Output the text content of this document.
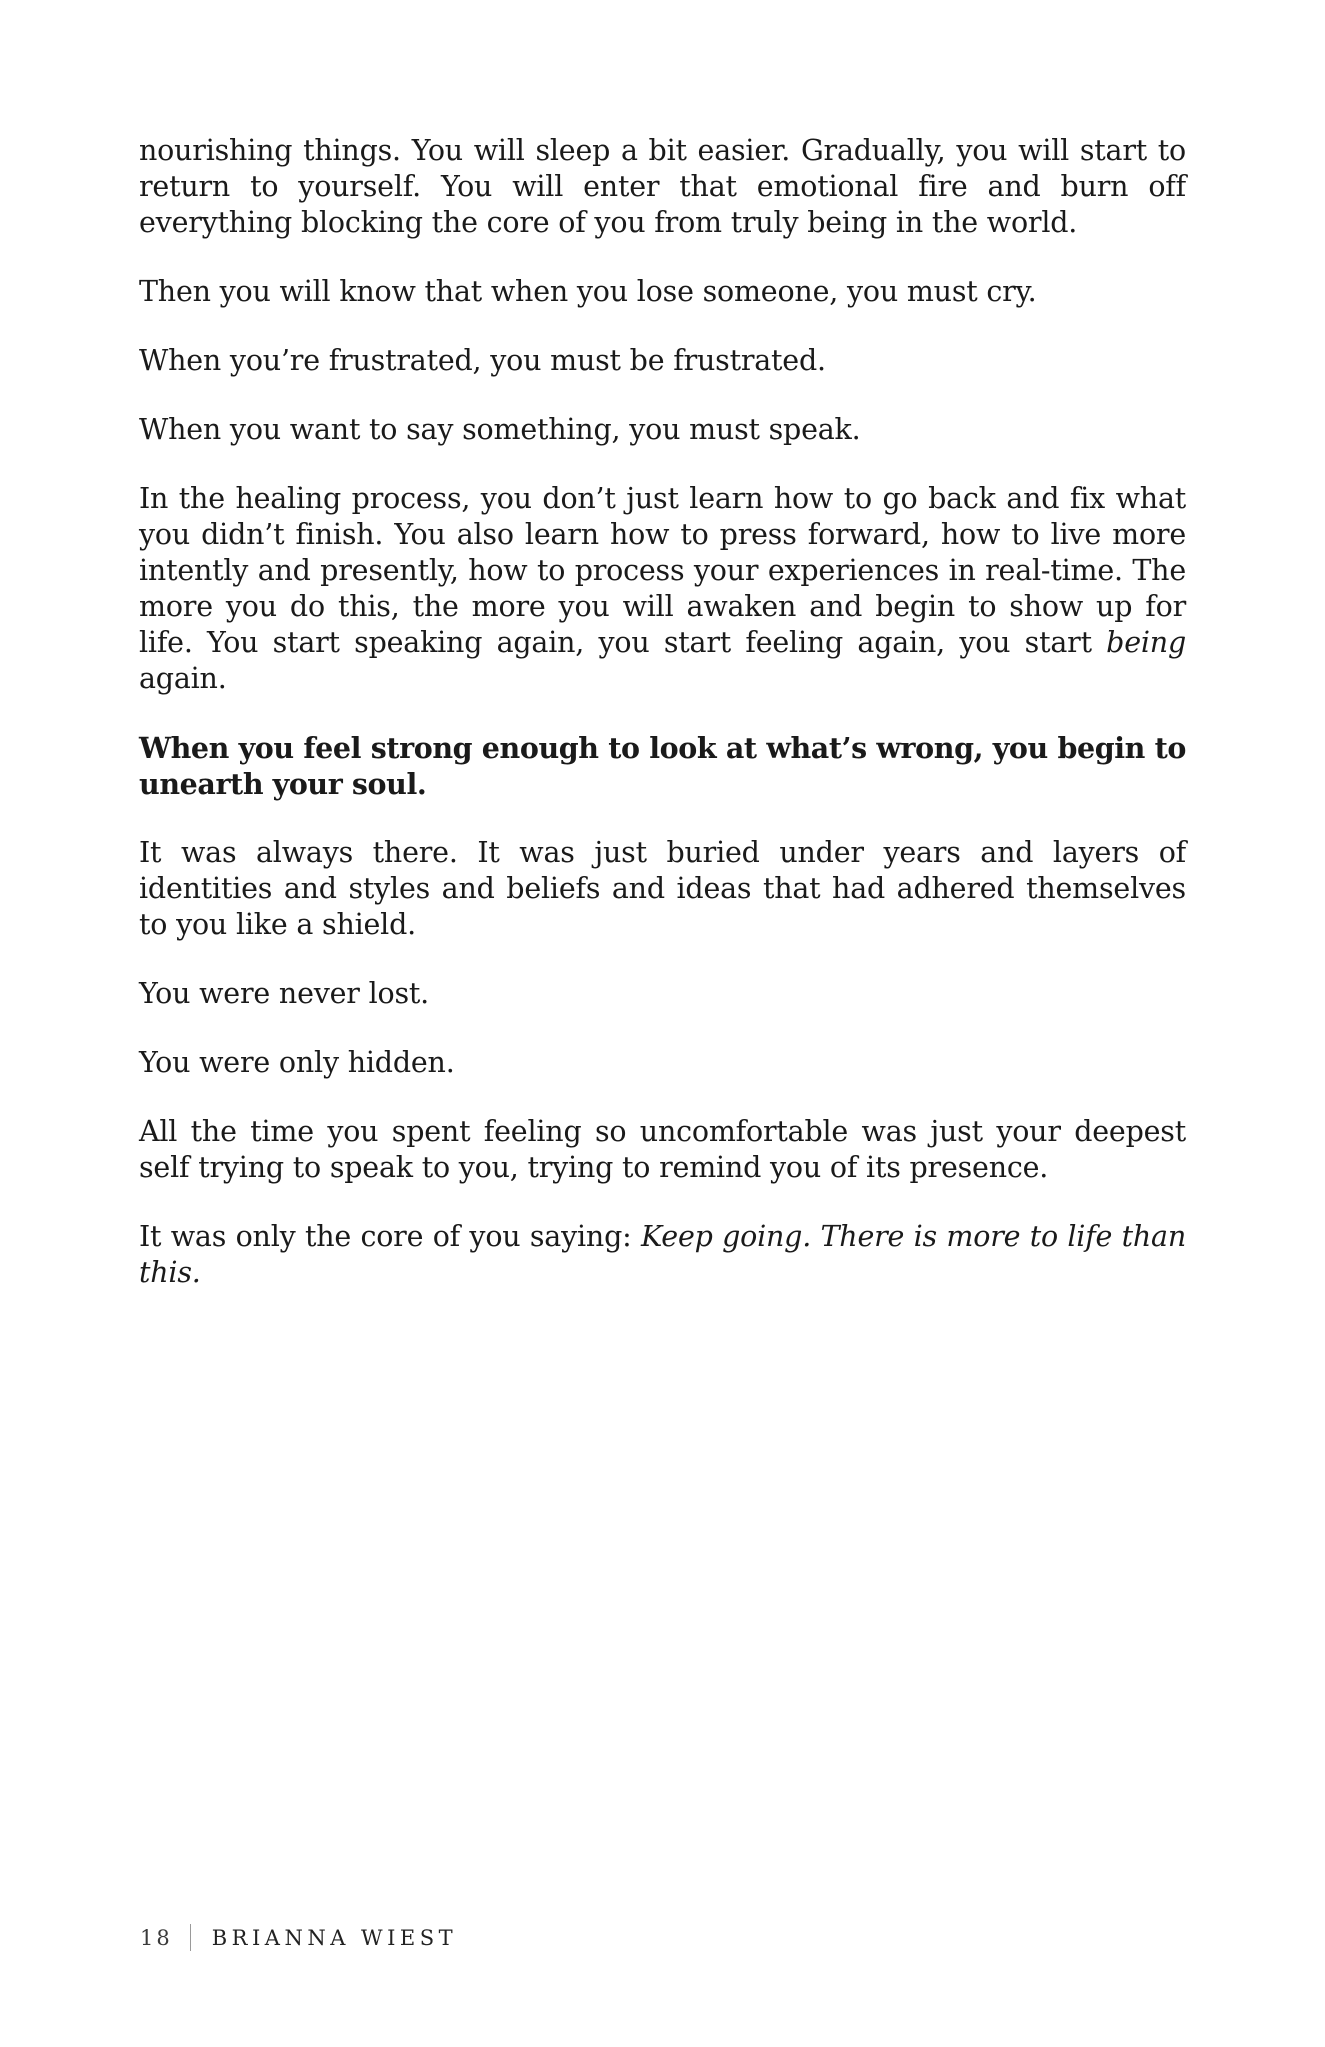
nourishing things. You will sleep a bit easier. Gradually, you will start to return to yourself. You will enter that emotional fire and burn off everything blocking the core of you from truly being in the world.

Then you will know that when you lose someone, you must cry.

When you’re frustrated, you must be frustrated.

When you want to say something, you must speak.

In the healing process, you don’t just learn how to go back and fix what you didn’t finish. You also learn how to press forward, how to live more intently and presently, how to process your experiences in real-time. The more you do this, the more you will awaken and begin to show up for life. You start speaking again, you start feeling again, you start being again.

When you feel strong enough to look at what’s wrong, you begin to unearth your soul.

It was always there. It was just buried under years and layers of identities and styles and beliefs and ideas that had adhered themselves to you like a shield.

You were never lost.

You were only hidden.

All the time you spent feeling so uncomfortable was just your deepest self trying to speak to you, trying to remind you of its presence.

It was only the core of you saying: Keep going. There is more to life than this.

18 BRIANNA WIEST
